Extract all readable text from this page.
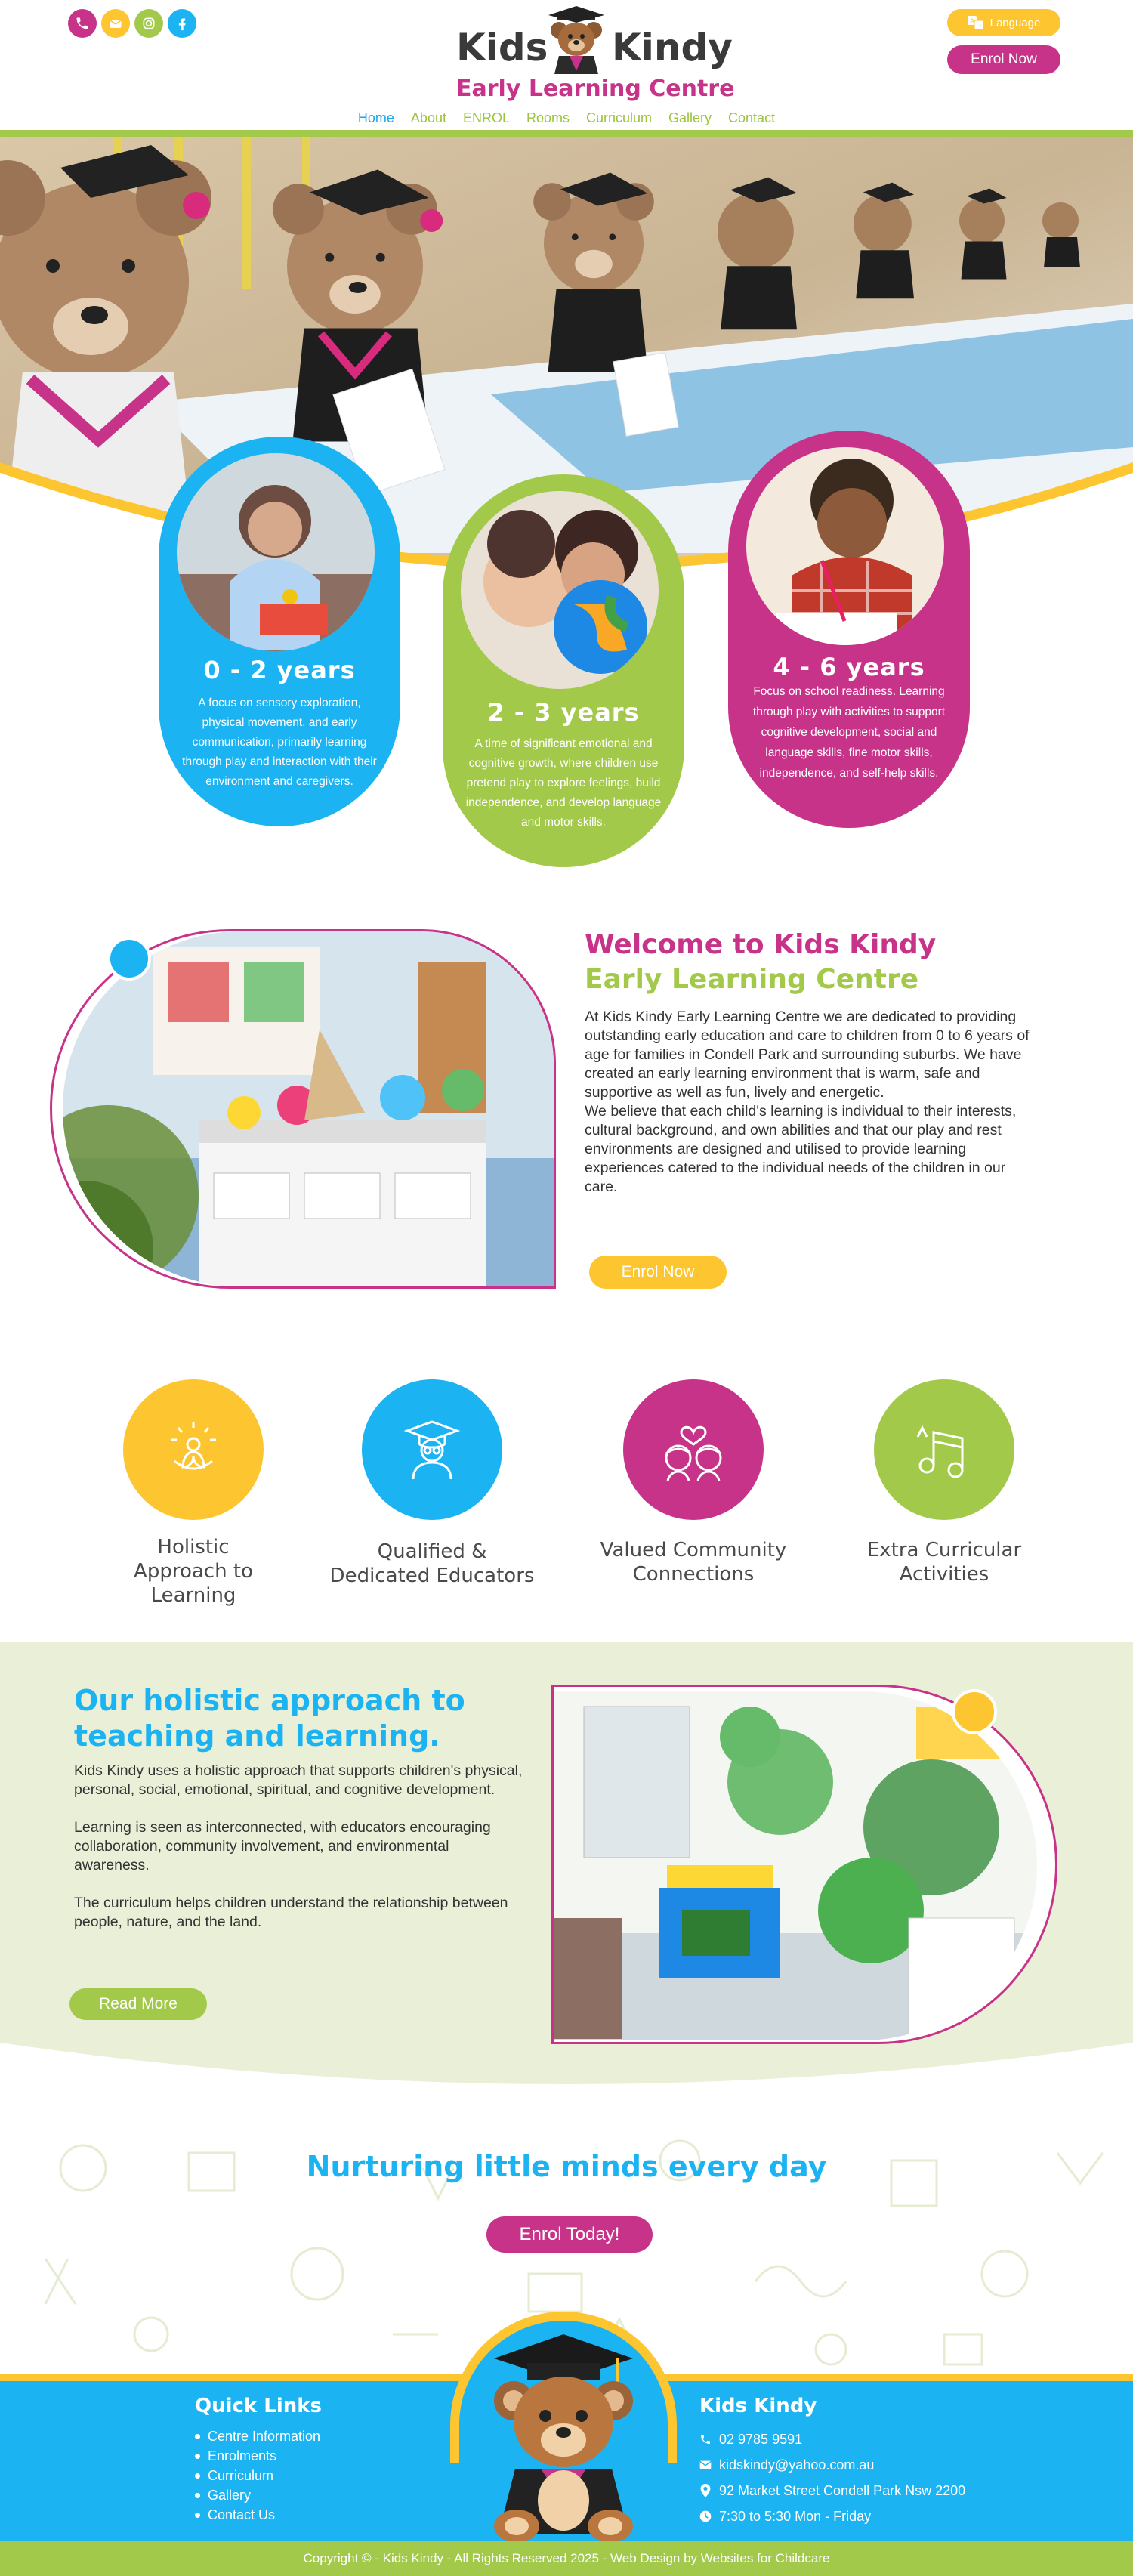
Kids Kindy
Early Learning Centre
A Language
Enrol Now
Home About ENROL Rooms Curriculum Gallery Contact
0 - 2 years

A focus on sensory exploration, physical movement, and early communication, primarily learning through play and interaction with their environment and caregivers.

2 - 3 years

A time of significant emotional and cognitive growth, where children use pretend play to explore feelings, build independence, and develop language and motor skills.

4 - 6 years

Focus on school readiness. Learning through play with activities to support cognitive development, social and language skills, fine motor skills, independence, and self-help skills.

Welcome to Kids Kindy
Early Learning Centre

At Kids Kindy Early Learning Centre we are dedicated to providing outstanding early education and care to children from 0 to 6 years of age for families in Condell Park and surrounding suburbs. We have created an early learning environment that is warm, safe and supportive as well as fun, lively and energetic.

We believe that each child's learning is individual to their interests, cultural background, and own abilities and that our play and rest environments are designed and utilised to provide learning experiences catered to the individual needs of the children in our care.

Enrol Now
Holistic Approach to Learning
Qualified & Dedicated Educators
Valued Community Connections
Extra Curricular Activities
Our holistic approach to
teaching and learning.

Kids Kindy uses a holistic approach that supports children's physical, personal, social, emotional, spiritual, and cognitive development.

Learning is seen as interconnected, with educators encouraging collaboration, community involvement, and environmental awareness.

The curriculum helps children understand the relationship between people, nature, and the land.

Read More
Nurturing little minds every day
Enrol Today!
Quick Links
Centre Information
Enrolments
Curriculum
Gallery
Contact Us
Kids Kindy
02 9785 9591
kidskindy@yahoo.com.au
92 Market Street Condell Park Nsw 2200
7:30 to 5:30 Mon - Friday
Copyright © - Kids Kindy - All Rights Reserved 2025 - Web Design by Websites for Childcare
